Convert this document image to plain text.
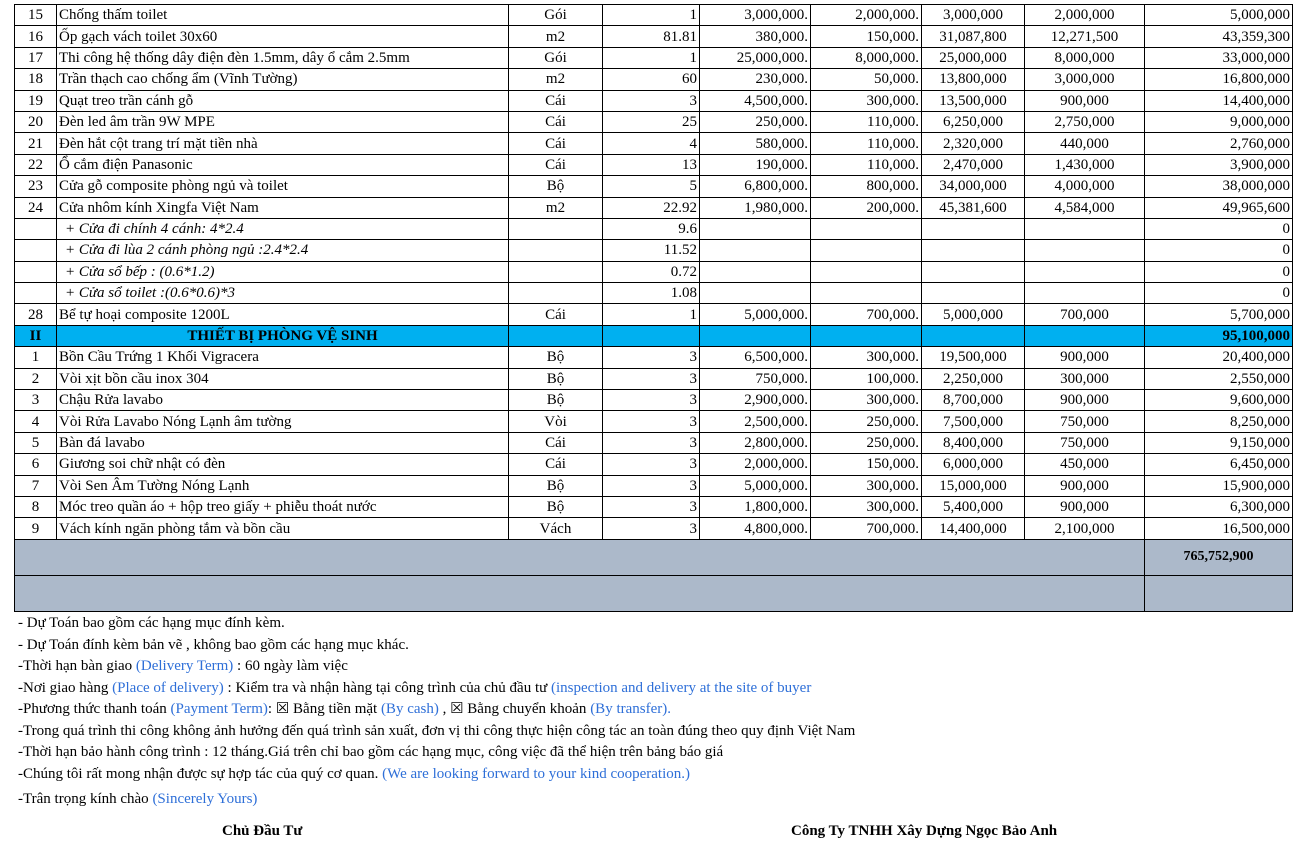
15	Chống thấm toilet	Gói	1	3,000,000.	2,000,000.	3,000,000	2,000,000	5,000,000
16	Ốp gạch vách toilet 30x60	m2	81.81	380,000.	150,000.	31,087,800	12,271,500	43,359,300
17	Thi công hệ thống dây điện đèn 1.5mm, dây ổ cắm 2.5mm	Gói	1	25,000,000.	8,000,000.	25,000,000	8,000,000	33,000,000
18	Trần thạch cao chống ẩm (Vĩnh Tường)	m2	60	230,000.	50,000.	13,800,000	3,000,000	16,800,000
19	Quạt treo trần cánh gỗ	Cái	3	4,500,000.	300,000.	13,500,000	900,000	14,400,000
20	Đèn led âm trần 9W MPE	Cái	25	250,000.	110,000.	6,250,000	2,750,000	9,000,000
21	Đèn hắt cột trang trí mặt tiền nhà	Cái	4	580,000.	110,000.	2,320,000	440,000	2,760,000
22	Ổ cắm điện Panasonic	Cái	13	190,000.	110,000.	2,470,000	1,430,000	3,900,000
23	Cửa gỗ composite phòng ngủ và toilet	Bộ	5	6,800,000.	800,000.	34,000,000	4,000,000	38,000,000
24	Cửa nhôm kính Xingfa Việt Nam	m2	22.92	1,980,000.	200,000.	45,381,600	4,584,000	49,965,600
	+ Cửa đi chính 4 cánh: 4*2.4		9.6					0
	+ Cửa đi lùa 2 cánh phòng ngủ :2.4*2.4		11.52					0
	+ Cửa sổ bếp : (0.6*1.2)		0.72					0
	+ Cửa sổ toilet :(0.6*0.6)*3		1.08					0
28	Bể tự hoại composite 1200L	Cái	1	5,000,000.	700,000.	5,000,000	700,000	5,700,000
II	THIẾT BỊ PHÒNG VỆ SINH							95,100,000
1	Bồn Cầu Trứng 1 Khối Vigracera	Bộ	3	6,500,000.	300,000.	19,500,000	900,000	20,400,000
2	Vòi xịt bồn cầu inox 304	Bộ	3	750,000.	100,000.	2,250,000	300,000	2,550,000
3	Chậu Rửa lavabo	Bộ	3	2,900,000.	300,000.	8,700,000	900,000	9,600,000
4	Vòi Rửa Lavabo Nóng Lạnh âm tường	Vòi	3	2,500,000.	250,000.	7,500,000	750,000	8,250,000
5	Bàn đá lavabo	Cái	3	2,800,000.	250,000.	8,400,000	750,000	9,150,000
6	Giương soi chữ nhật có đèn	Cái	3	2,000,000.	150,000.	6,000,000	450,000	6,450,000
7	Vòi Sen Âm Tường Nóng Lạnh	Bộ	3	5,000,000.	300,000.	15,000,000	900,000	15,900,000
8	Móc treo quần áo + hộp treo giấy + phiễu thoát nước	Bộ	3	1,800,000.	300,000.	5,400,000	900,000	6,300,000
9	Vách kính ngăn phòng tắm và bồn cầu	Vách	3	4,800,000.	700,000.	14,400,000	2,100,000	16,500,000
								765,752,900

- Dự Toán bao gồm các hạng mục đính kèm.
- Dự Toán đính kèm bản vẽ , không bao gồm các hạng mục khác.
-Thời hạn bàn giao (Delivery Term) : 60 ngày làm việc
-Nơi giao hàng (Place of delivery) : Kiểm tra và nhận hàng tại công trình của chủ đầu tư (inspection and delivery at the site of buyer
-Phương thức thanh toán (Payment Term): ☒ Bằng tiền mặt (By cash) , ☒ Bằng chuyển khoản (By transfer).
-Trong quá trình thi công không ảnh hưởng đến quá trình sản xuất, đơn vị thi công thực hiện công tác an toàn đúng theo quy định Việt Nam
-Thời hạn bảo hành công trình : 12 tháng.Giá trên chỉ bao gồm các hạng mục, công việc đã thể hiện trên bảng báo giá
-Chúng tôi rất mong nhận được sự hợp tác của quý cơ quan. (We are looking forward to your kind cooperation.)
-Trân trọng kính chào (Sincerely Yours)
Chủ Đầu Tư	Công Ty TNHH Xây Dựng Ngọc Bảo Anh
